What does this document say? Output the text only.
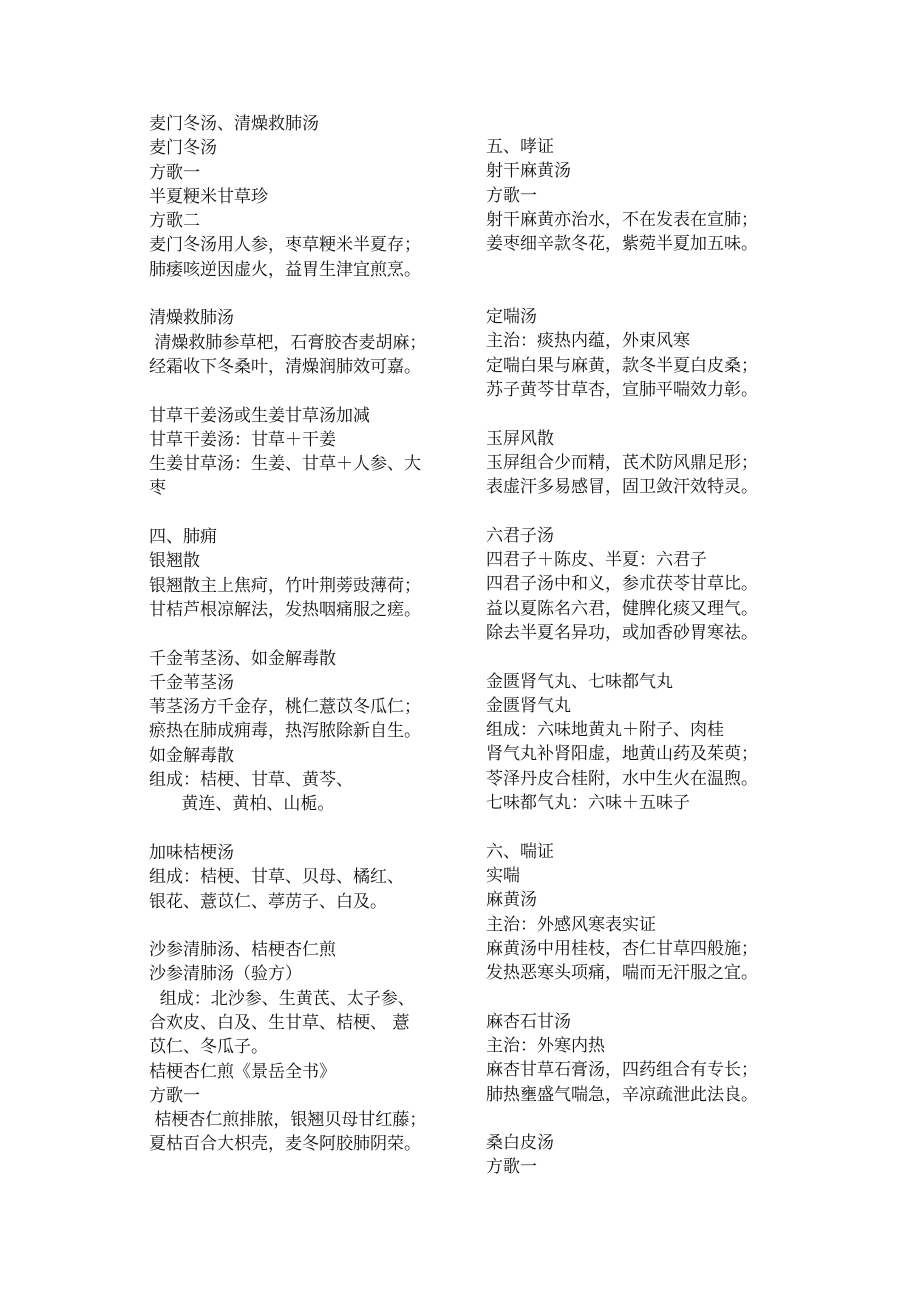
麦门冬汤、清燥救肺汤
麦门冬汤
方歌一
半夏粳米甘草珍
方歌二
麦门冬汤用人参，枣草粳米半夏存；
肺痿咳逆因虚火，益胃生津宜煎烹。
清燥救肺汤
清燥救肺参草杷，石膏胶杏麦胡麻；
经霜收下冬桑叶，清燥润肺效可嘉。
甘草干姜汤或生姜甘草汤加减
甘草干姜汤：甘草＋干姜
生姜甘草汤：生姜、甘草＋人参、大
枣
四、肺痈
银翘散
银翘散主上焦疴，竹叶荆蒡豉薄荷；
甘桔芦根凉解法，发热咽痛服之瘥。
千金苇茎汤、如金解毒散
千金苇茎汤
苇茎汤方千金存，桃仁薏苡冬瓜仁；
瘀热在肺成痈毒，热泻脓除新自生。
如金解毒散
组成：桔梗、甘草、黄芩、
黄连、黄柏、山栀。
加味桔梗汤
组成：桔梗、甘草、贝母、橘红、
银花、薏苡仁、葶苈子、白及。
沙参清肺汤、桔梗杏仁煎
沙参清肺汤（验方）
组成：北沙参、生黄芪、太子参、
合欢皮、白及、生甘草、桔梗、 薏
苡仁、冬瓜子。
桔梗杏仁煎《景岳全书》
方歌一
桔梗杏仁煎排脓，银翘贝母甘红藤；
夏枯百合大枳壳，麦冬阿胶肺阴荣。
五、哮证
射干麻黄汤
方歌一
射干麻黄亦治水，不在发表在宣肺；
姜枣细辛款冬花，紫菀半夏加五味。
定喘汤
主治：痰热内蕴，外束风寒
定喘白果与麻黄，款冬半夏白皮桑；
苏子黄芩甘草杏，宣肺平喘效力彰。
玉屏风散
玉屏组合少而精，芪术防风鼎足形；
表虚汗多易感冒，固卫敛汗效特灵。
六君子汤
四君子＋陈皮、半夏：六君子
四君子汤中和义，参朮茯苓甘草比。
益以夏陈名六君，健脾化痰又理气。
除去半夏名异功，或加香砂胃寒祛。
金匮肾气丸、七味都气丸
金匮肾气丸
组成：六味地黄丸＋附子、肉桂
肾气丸补肾阳虚，地黄山药及茱萸；
苓泽丹皮合桂附，水中生火在温煦。
七味都气丸：六味＋五味子
六、喘证
实喘
麻黄汤
主治：外感风寒表实证
麻黄汤中用桂枝，杏仁甘草四般施；
发热恶寒头项痛，喘而无汗服之宜。
麻杏石甘汤
主治：外寒内热
麻杏甘草石膏汤，四药组合有专长；
肺热壅盛气喘急，辛凉疏泄此法良。
桑白皮汤
方歌一
